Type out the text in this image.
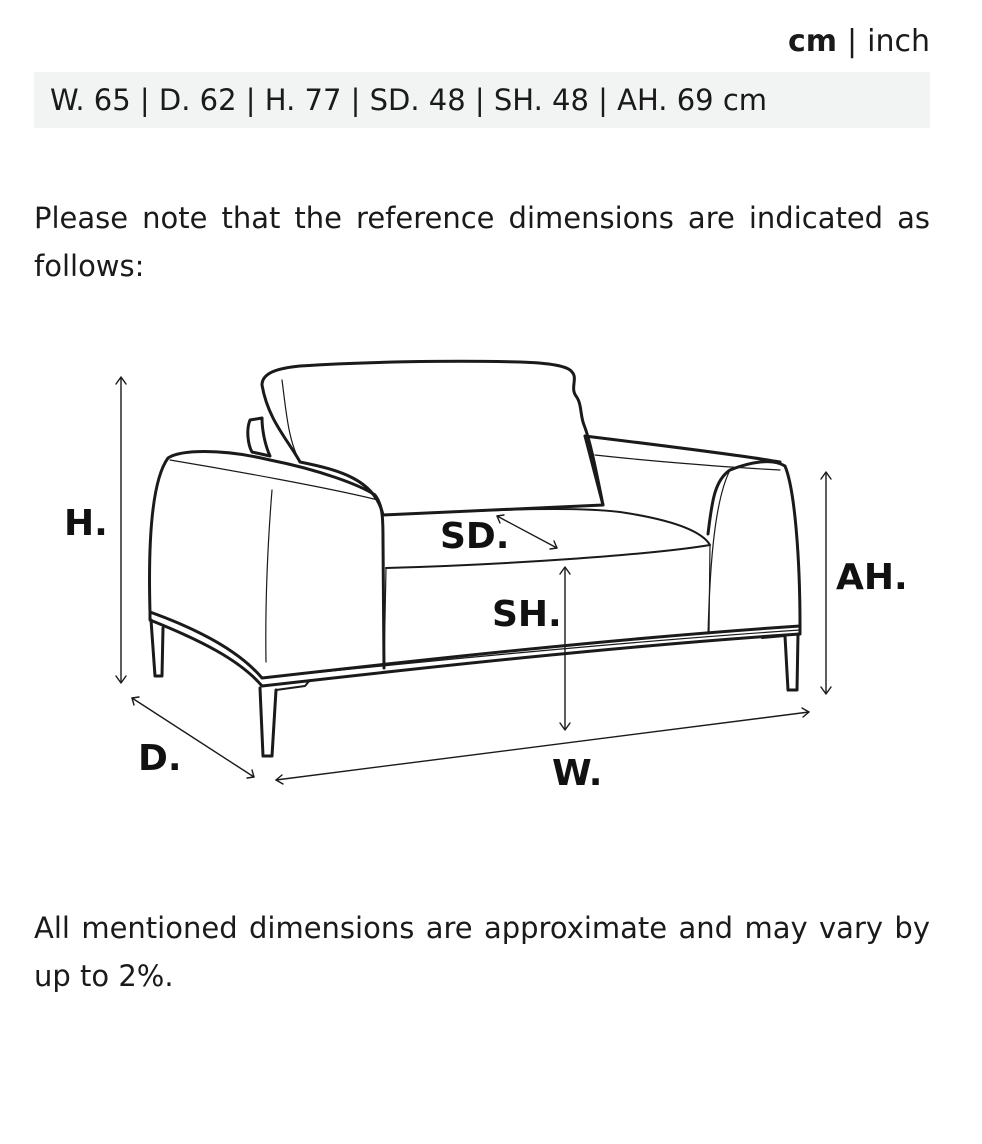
cm | inch
W. 65 | D. 62 | H. 77 | SD. 48 | SH. 48 | AH. 69 cm
Please note that the reference dimensions are indicated as follows:
H.	SD.
SH.
AH.
D.	W.
All mentioned dimensions are approximate and may vary by up to 2%.
